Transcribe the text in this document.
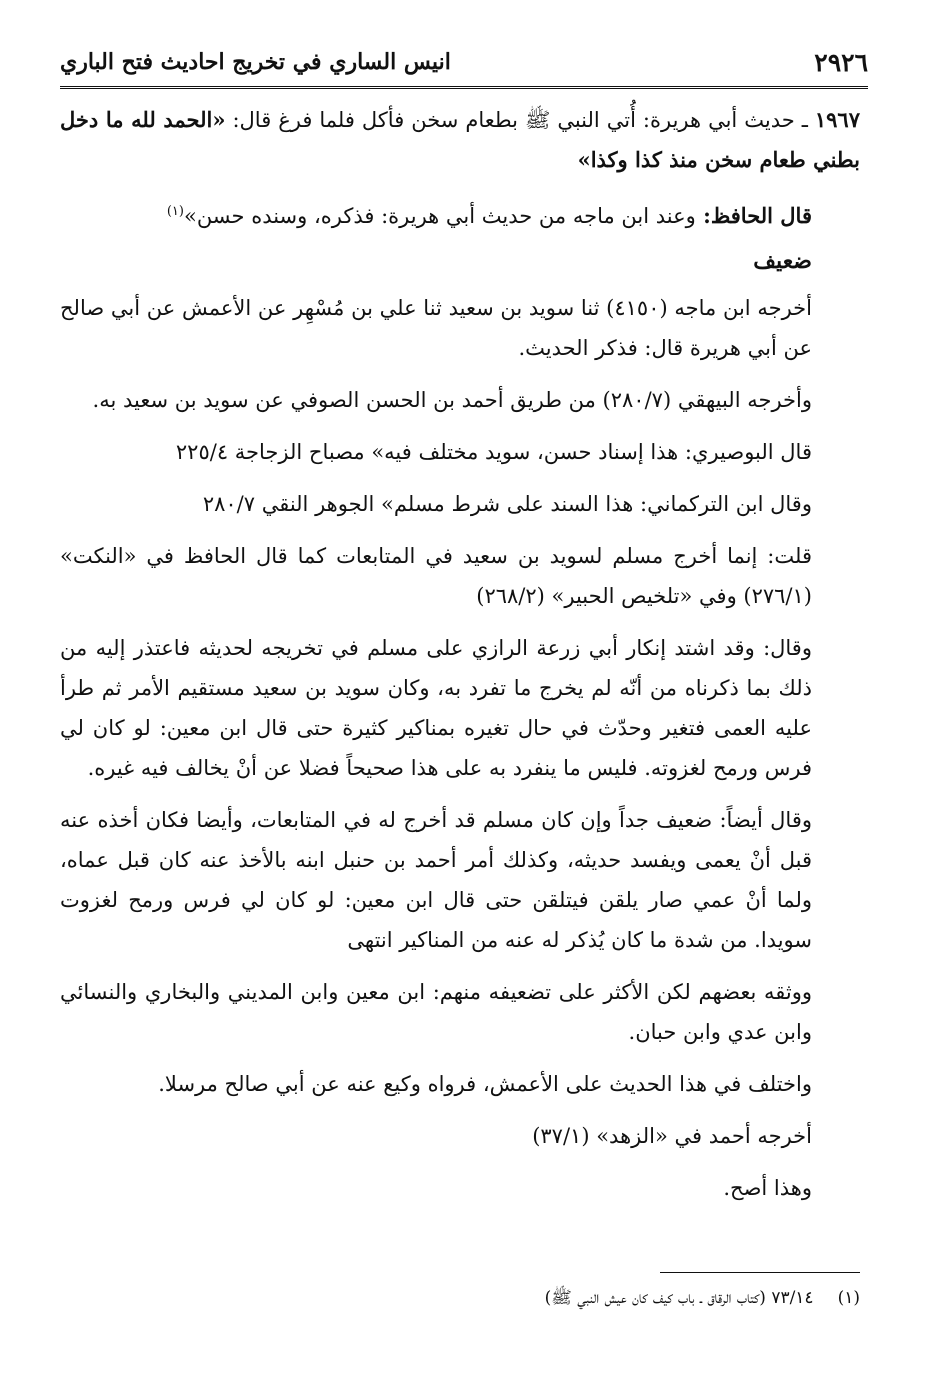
٢٩٢٦
انيس الساري في تخريج احاديث فتح الباري

١٩٦٧ ـ حديث أبي هريرة: أُتي النبي ﷺ بطعام سخن فأكل فلما فرغ قال: «الحمد لله ما دخل بطني طعام سخن منذ كذا وكذا»

قال الحافظ: وعند ابن ماجه من حديث أبي هريرة: فذكره، وسنده حسن»$^{(١)}$

ضعيف

أخرجه ابن ماجه (٤١٥٠) ثنا سويد بن سعيد ثنا علي بن مُسْهِر عن الأعمش عن أبي صالح عن أبي هريرة قال: فذكر الحديث.

وأخرجه البيهقي (٢٨٠/٧) من طريق أحمد بن الحسن الصوفي عن سويد بن سعيد به.

قال البوصيري: هذا إسناد حسن، سويد مختلف فيه» مصباح الزجاجة ٢٢٥/٤

وقال ابن التركماني: هذا السند على شرط مسلم» الجوهر النقي ٢٨٠/٧

قلت: إنما أخرج مسلم لسويد بن سعيد في المتابعات كما قال الحافظ في «النكت» (٢٧٦/١) وفي «تلخيص الحبير» (٢٦٨/٢)

وقال: وقد اشتد إنكار أبي زرعة الرازي على مسلم في تخريجه لحديثه فاعتذر إليه من ذلك بما ذكرناه من أنّه لم يخرج ما تفرد به، وكان سويد بن سعيد مستقيم الأمر ثم طرأ عليه العمى فتغير وحدّث في حال تغيره بمناكير كثيرة حتى قال ابن معين: لو كان لي فرس ورمح لغزوته. فليس ما ينفرد به على هذا صحيحاً فضلا عن أنْ يخالف فيه غيره.

وقال أيضاً: ضعيف جداً وإن كان مسلم قد أخرج له في المتابعات، وأيضا فكان أخذه عنه قبل أنْ يعمى ويفسد حديثه، وكذلك أمر أحمد بن حنبل ابنه بالأخذ عنه كان قبل عماه، ولما أنْ عمي صار يلقن فيتلقن حتى قال ابن معين: لو كان لي فرس ورمح لغزوت سويدا. من شدة ما كان يُذكر له عنه من المناكير انتهى

ووثقه بعضهم لكن الأكثر على تضعيفه منهم: ابن معين وابن المديني والبخاري والنسائي وابن عدي وابن حبان.

واختلف في هذا الحديث على الأعمش، فرواه وكيع عنه عن أبي صالح مرسلا.

أخرجه أحمد في «الزهد» (٣٧/١)

وهذا أصح.

(١)٧٣/١٤ (كتاب الرقاق ـ باب كيف كان عيش النبي ﷺ)
